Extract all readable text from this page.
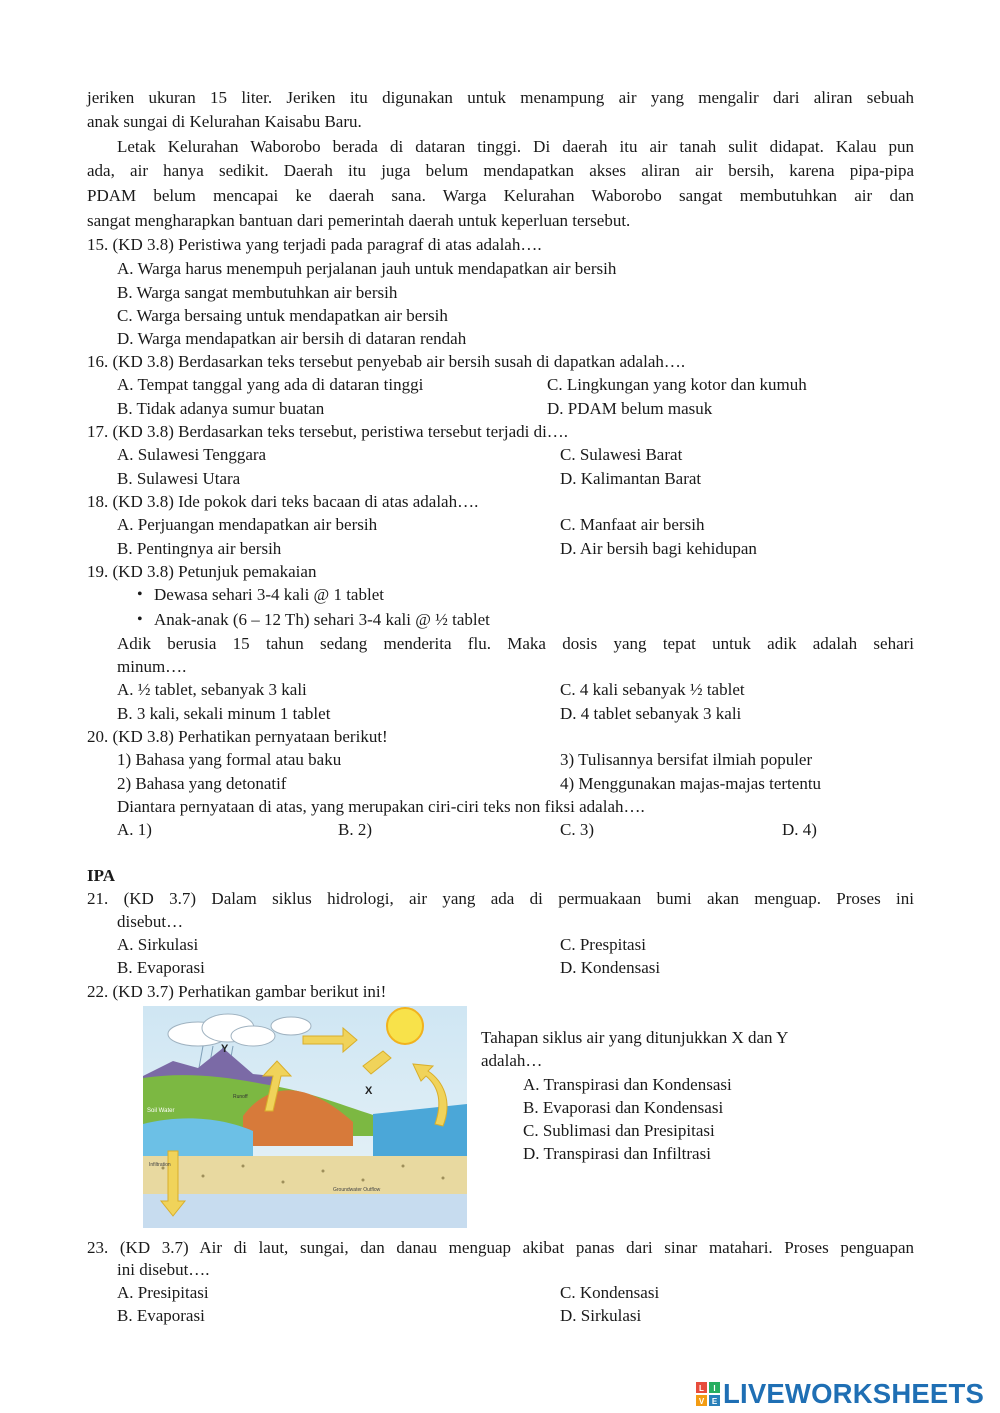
jeriken ukuran 15 liter. Jeriken itu digunakan untuk menampung air yang mengalir dari aliran sebuah
anak sungai di Kelurahan Kaisabu Baru.
Letak Kelurahan Waborobo berada di dataran tinggi. Di daerah itu air tanah sulit didapat. Kalau pun
ada, air hanya sedikit. Daerah itu juga belum mendapatkan akses aliran air bersih, karena pipa-pipa
PDAM belum mencapai ke daerah sana. Warga Kelurahan Waborobo sangat membutuhkan air dan
sangat mengharapkan bantuan dari pemerintah daerah untuk keperluan tersebut.
15. (KD 3.8) Peristiwa yang terjadi pada paragraf di atas adalah….
A. Warga harus menempuh perjalanan jauh untuk mendapatkan air bersih
B. Warga sangat membutuhkan air bersih
C. Warga bersaing untuk mendapatkan air bersih
D. Warga mendapatkan air bersih di dataran rendah
16. (KD 3.8) Berdasarkan teks tersebut penyebab air bersih susah di dapatkan adalah….
A. Tempat tanggal yang ada di dataran tinggi	C. Lingkungan yang kotor dan kumuh
B. Tidak adanya sumur buatan	D. PDAM belum masuk
17. (KD 3.8) Berdasarkan teks tersebut, peristiwa tersebut terjadi di….
A. Sulawesi Tenggara	C. Sulawesi Barat
B. Sulawesi Utara	D. Kalimantan Barat
18. (KD 3.8) Ide pokok dari teks bacaan di atas adalah….
A. Perjuangan mendapatkan air bersih	C. Manfaat air bersih
B. Pentingnya air bersih	D. Air bersih bagi kehidupan
19. (KD 3.8) Petunjuk pemakaian
• Dewasa sehari 3-4 kali @ 1 tablet
• Anak-anak (6 – 12 Th) sehari 3-4 kali @ ½ tablet
Adik berusia 15 tahun sedang menderita flu. Maka dosis yang tepat untuk adik adalah sehari
minum….
A. ½ tablet, sebanyak 3 kali	C. 4 kali sebanyak ½ tablet
B. 3 kali, sekali minum 1 tablet	D. 4 tablet sebanyak 3 kali
20. (KD 3.8) Perhatikan pernyataan berikut!
1) Bahasa yang formal atau baku	3) Tulisannya bersifat ilmiah populer
2) Bahasa yang detonatif	4) Menggunakan majas-majas tertentu
Diantara pernyataan di atas, yang merupakan ciri-ciri teks non fiksi adalah….
A. 1)	B. 2)	C. 3)	D. 4)
IPA
21. (KD 3.7) Dalam siklus hidrologi, air yang ada di permuakaan bumi akan menguap. Proses ini
disebut…
A. Sirkulasi	C. Prespitasi
B. Evaporasi	D. Kondensasi
22. (KD 3.7) Perhatikan gambar berikut ini!
Y
X
Soil Water
Infiltration
Runoff
Groundwater Outflow
Tahapan siklus air yang ditunjukkan X dan Y
adalah…
A. Transpirasi dan Kondensasi
B. Evaporasi dan Kondensasi
C. Sublimasi dan Presipitasi
D. Transpirasi dan Infiltrasi
23. (KD 3.7) Air di laut, sungai, dan danau menguap akibat panas dari sinar matahari. Proses penguapan
ini disebut….
A. Presipitasi	C. Kondensasi
B. Evaporasi	D. Sirkulasi
L I
V E LIVEWORKSHEETS
